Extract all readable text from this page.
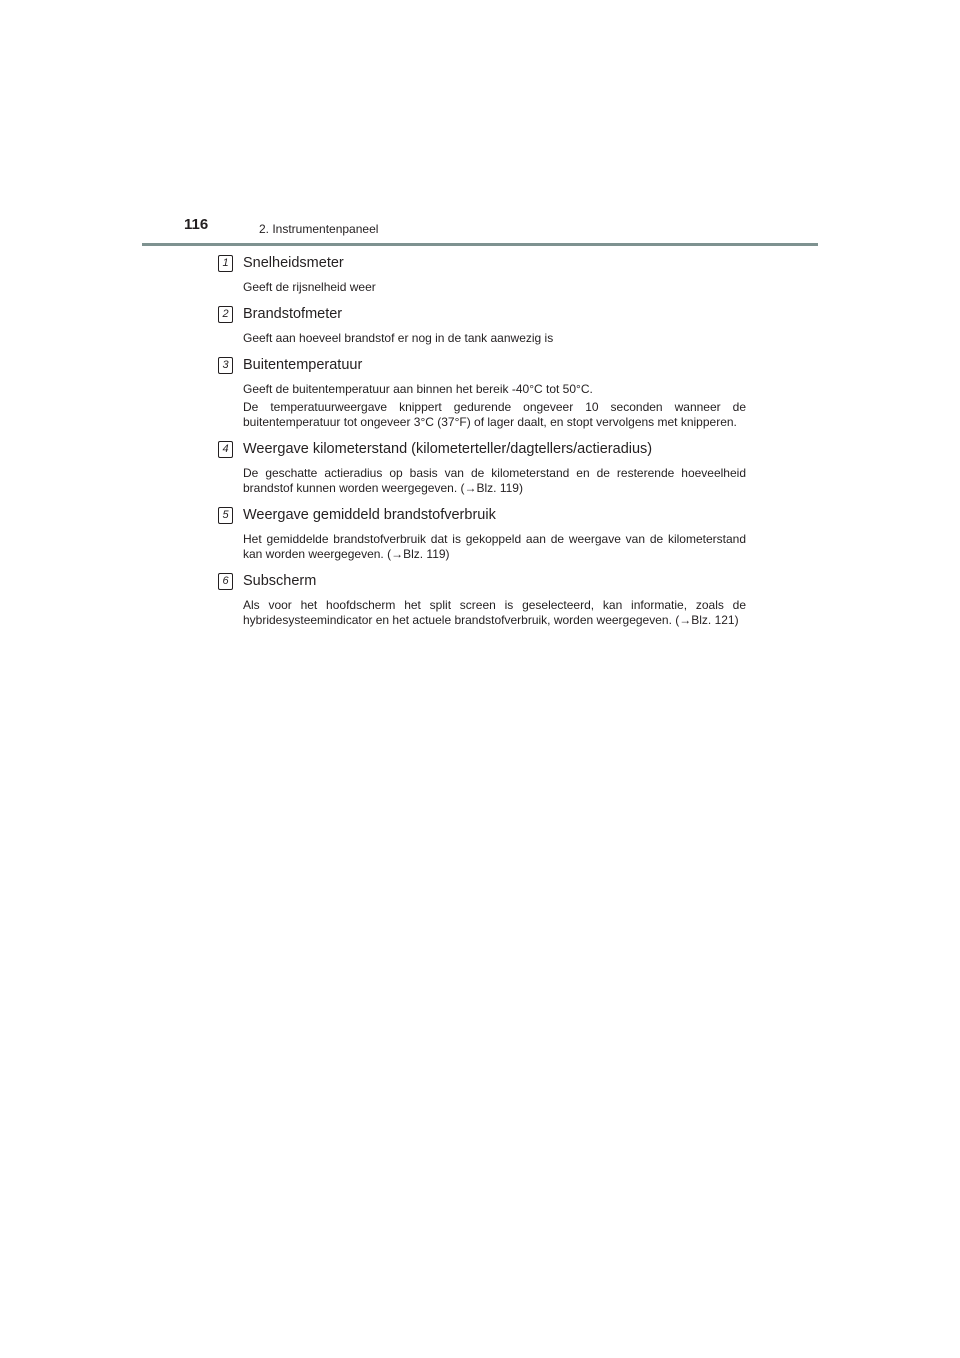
116	2. Instrumentenpaneel
1 Snelheidsmeter

Geeft de rijsnelheid weer

2 Brandstofmeter

Geeft aan hoeveel brandstof er nog in de tank aanwezig is

3 Buitentemperatuur

Geeft de buitentemperatuur aan binnen het bereik -40°C tot 50°C.

De temperatuurweergave knippert gedurende ongeveer 10 seconden wanneer de buitentemperatuur tot ongeveer 3°C (37°F) of lager daalt, en stopt vervolgens met knipperen.

4 Weergave kilometerstand (kilometerteller/dagtellers/actieradius)

De geschatte actieradius op basis van de kilometerstand en de resterende hoeveelheid brandstof kunnen worden weergegeven. (→Blz. 119)

5 Weergave gemiddeld brandstofverbruik

Het gemiddelde brandstofverbruik dat is gekoppeld aan de weergave van de kilometerstand kan worden weergegeven. (→Blz. 119)

6 Subscherm

Als voor het hoofdscherm het split screen is geselecteerd, kan informatie, zoals de hybridesysteemindicator en het actuele brandstofverbruik, worden weergegeven. (→Blz. 121)
